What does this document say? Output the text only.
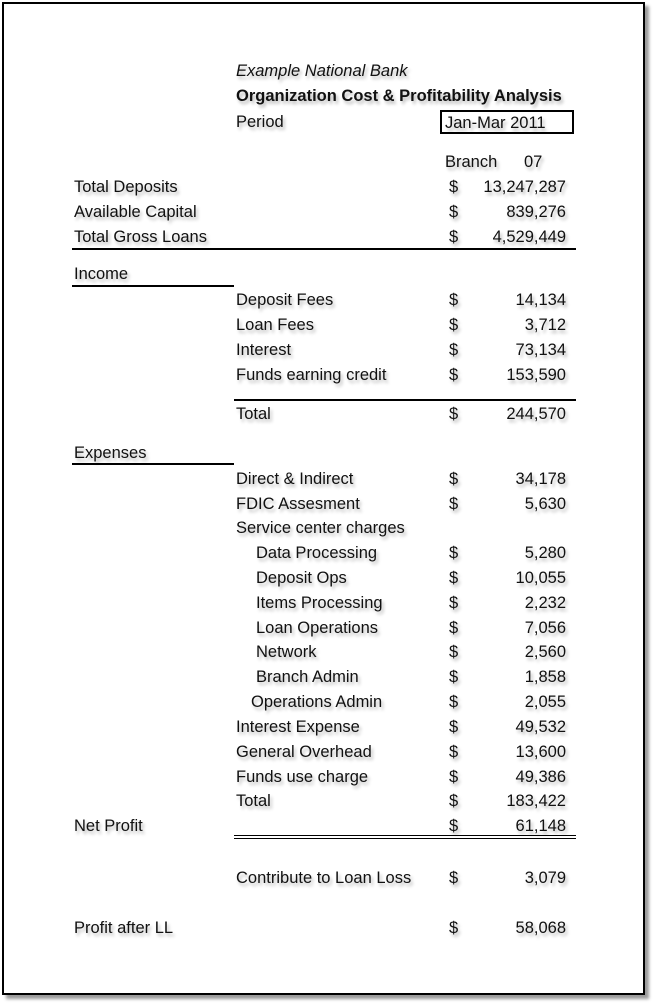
Example National Bank
Organization Cost & Profitability Analysis
Period	Jan-Mar 2011
Branch 07
Total Deposits	$	13,247,287
Available Capital	$	839,276
Total Gross Loans	$	4,529,449
Income
Deposit Fees	$	14,134
Loan Fees	$	3,712
Interest	$	73,134
Funds earning credit	$	153,590
Total	$	244,570
Expenses
Direct & Indirect	$	34,178
FDIC Assesment	$	5,630
Service center charges
Data Processing	$	5,280
Deposit Ops	$	10,055
Items Processing	$	2,232
Loan Operations	$	7,056
Network	$	2,560
Branch Admin	$	1,858
Operations Admin	$	2,055
Interest Expense	$	49,532
General Overhead	$	13,600
Funds use charge	$	49,386
Total	$	183,422
Net Profit	$	61,148
Contribute to Loan Loss $	3,079
Profit after LL	$	58,068
